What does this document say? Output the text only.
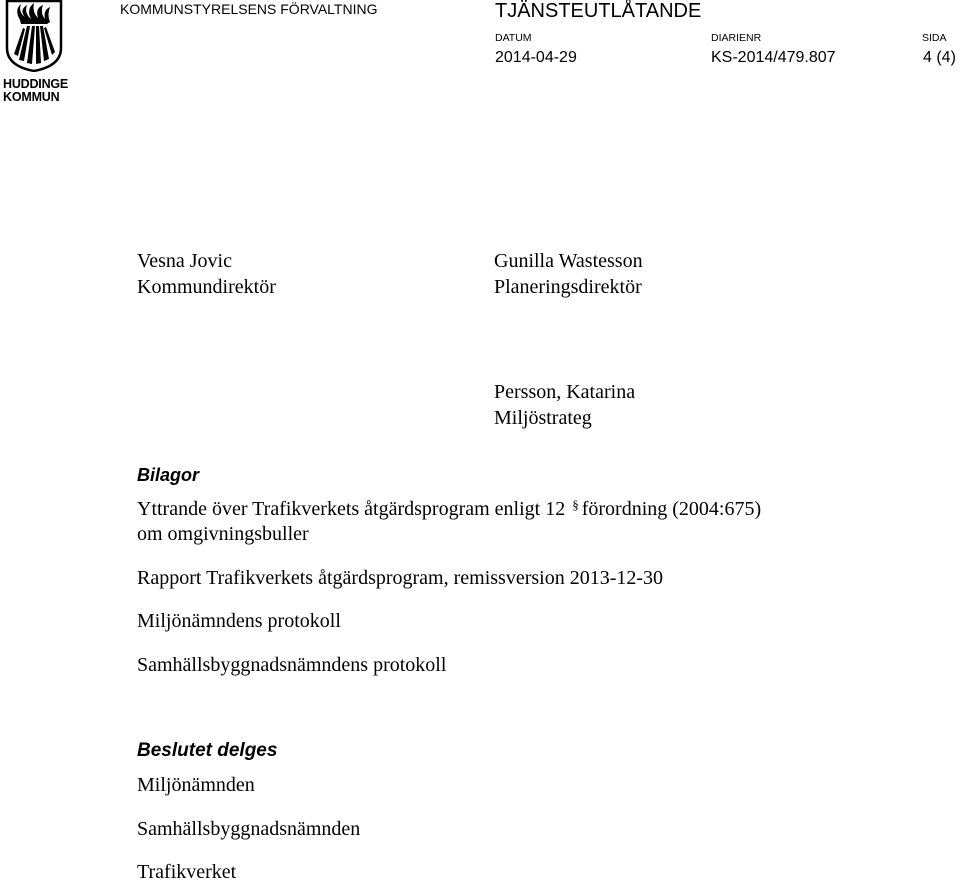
HUDDINGE
KOMMUN
KOMMUNSTYRELSENS FÖRVALTNING	TJÄNSTEUTLÅTANDE
DATUM	DIARIENR	SIDA
2014-04-29	KS-2014/479.807	4 (4)
Vesna Jovic
Kommundirektör
Gunilla Wastesson
Planeringsdirektör
Persson, Katarina
Miljöstrateg
Bilagor
Yttrande över Trafikverkets åtgärdsprogram enligt 12 § förordning (2004:675)
om omgivningsbuller
Rapport Trafikverkets åtgärdsprogram, remissversion 2013-12-30
Miljönämndens protokoll
Samhällsbyggnadsnämndens protokoll
Beslutet delges
Miljönämnden
Samhällsbyggnadsnämnden
Trafikverket
